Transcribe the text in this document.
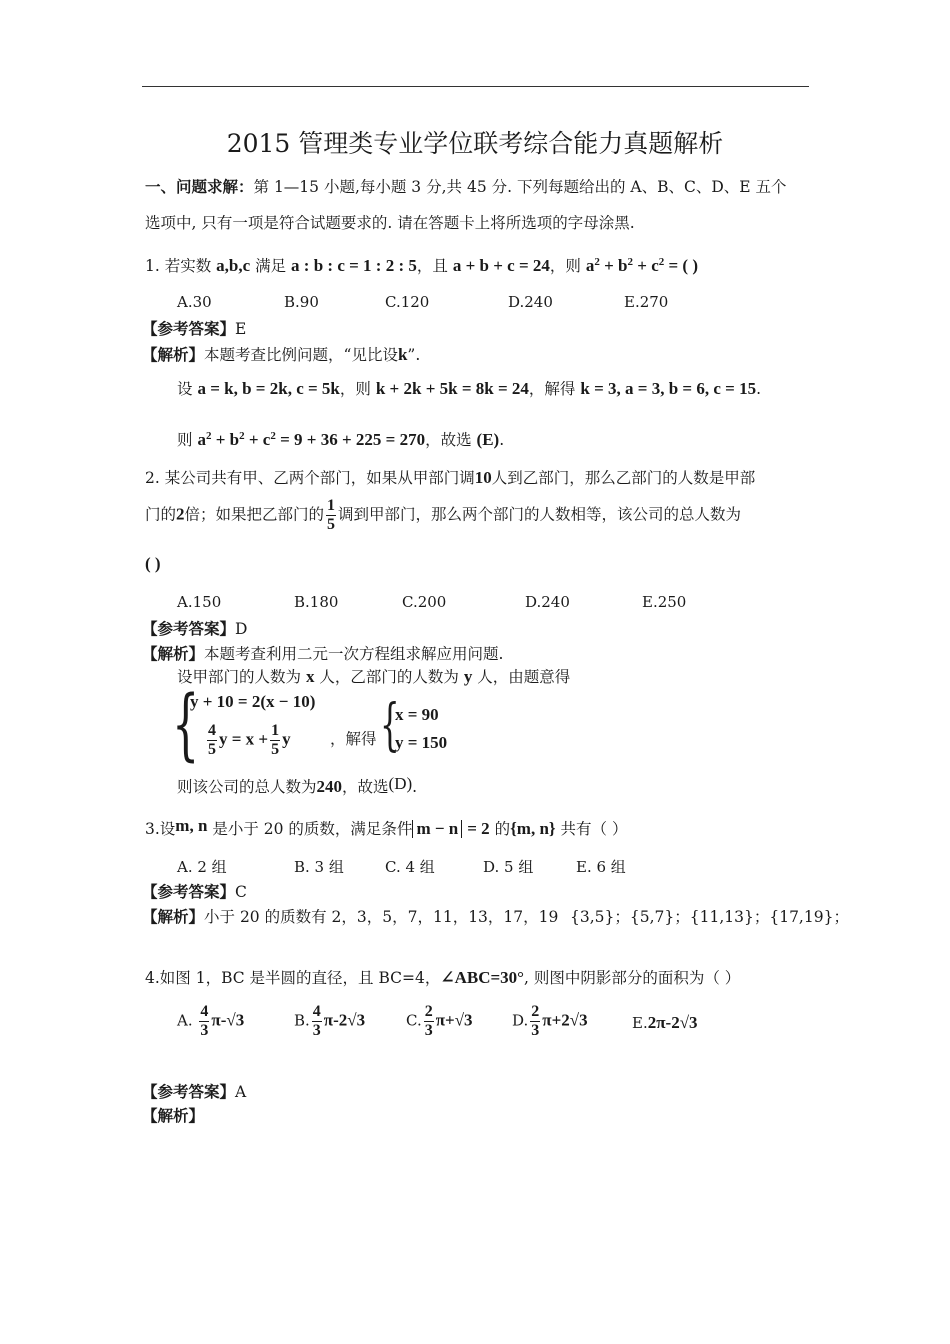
2015 管理类专业学位联考综合能力真题解析
一、问题求解：第 1—15 小题,每小题 3 分,共 45 分. 下列每题给出的 A、B、C、D、E 五个
选项中, 只有一项是符合试题要求的. 请在答题卡上将所选项的字母涂黑.
1. 若实数 a,b,c 满足 a : b : c = 1 : 2 : 5，且 a + b + c = 24，则 $a^2 + b^2 + c^2$ = ( )
A.30	B.90	C.120	D.240	E.270
【参考答案】E
【解析】本题考查比例问题，“见比设k”.
设 a = k, b = 2k, c = 5k，则 k + 2k + 5k = 8k = 24，解得 k = 3, a = 3, b = 6, c = 15.
则 $a^2 + b^2 + c^2 = 9 + 36 + 225 = 270$，故选 (E).
2. 某公司共有甲、乙两个部门，如果从甲部门调10人到乙部门，那么乙部门的人数是甲部
门的2倍；如果把乙部门的 $\frac{1}{5}$ 调到甲部门，那么两个部门的人数相等，该公司的总人数为
( )
A.150	B.180	C.200	D.240	E.250
【参考答案】D
【解析】本题考查利用二元一次方程组求解应用问题.
设甲部门的人数为 x 人，乙部门的人数为 y 人，由题意得
{
y + 10 = 2(x − 10)
$\frac{4}{5}$ $y = x + \frac{1}{5}$ y	，解得 {
x = 90
y = 150
则该公司的总人数为240，故选(D).
3.设m, n 是小于 20 的质数，满足条件 m − n = 2 的{m, n} 共有（ ）
A. 2 组	B. 3 组	C. 4 组	D. 5 组	E. 6 组
【参考答案】C
【解析】小于 20 的质数有 2，3，5，7，11，13，17，19 {3,5}；{5,7}；{11,13}；{17,19}；
4.如图 1，BC 是半圆的直径，且 BC=4，∠ABC=30°, 则图中阴影部分的面积为（ ）
A. $\frac{4}{3} \pi-√3$	B. $\frac{4}{3} \pi-2√3$	C. $\frac{2}{3} \pi+√3$	D. $\frac{2}{3} \pi+2√3$	E.2π-2√3
【参考答案】A
【解析】
